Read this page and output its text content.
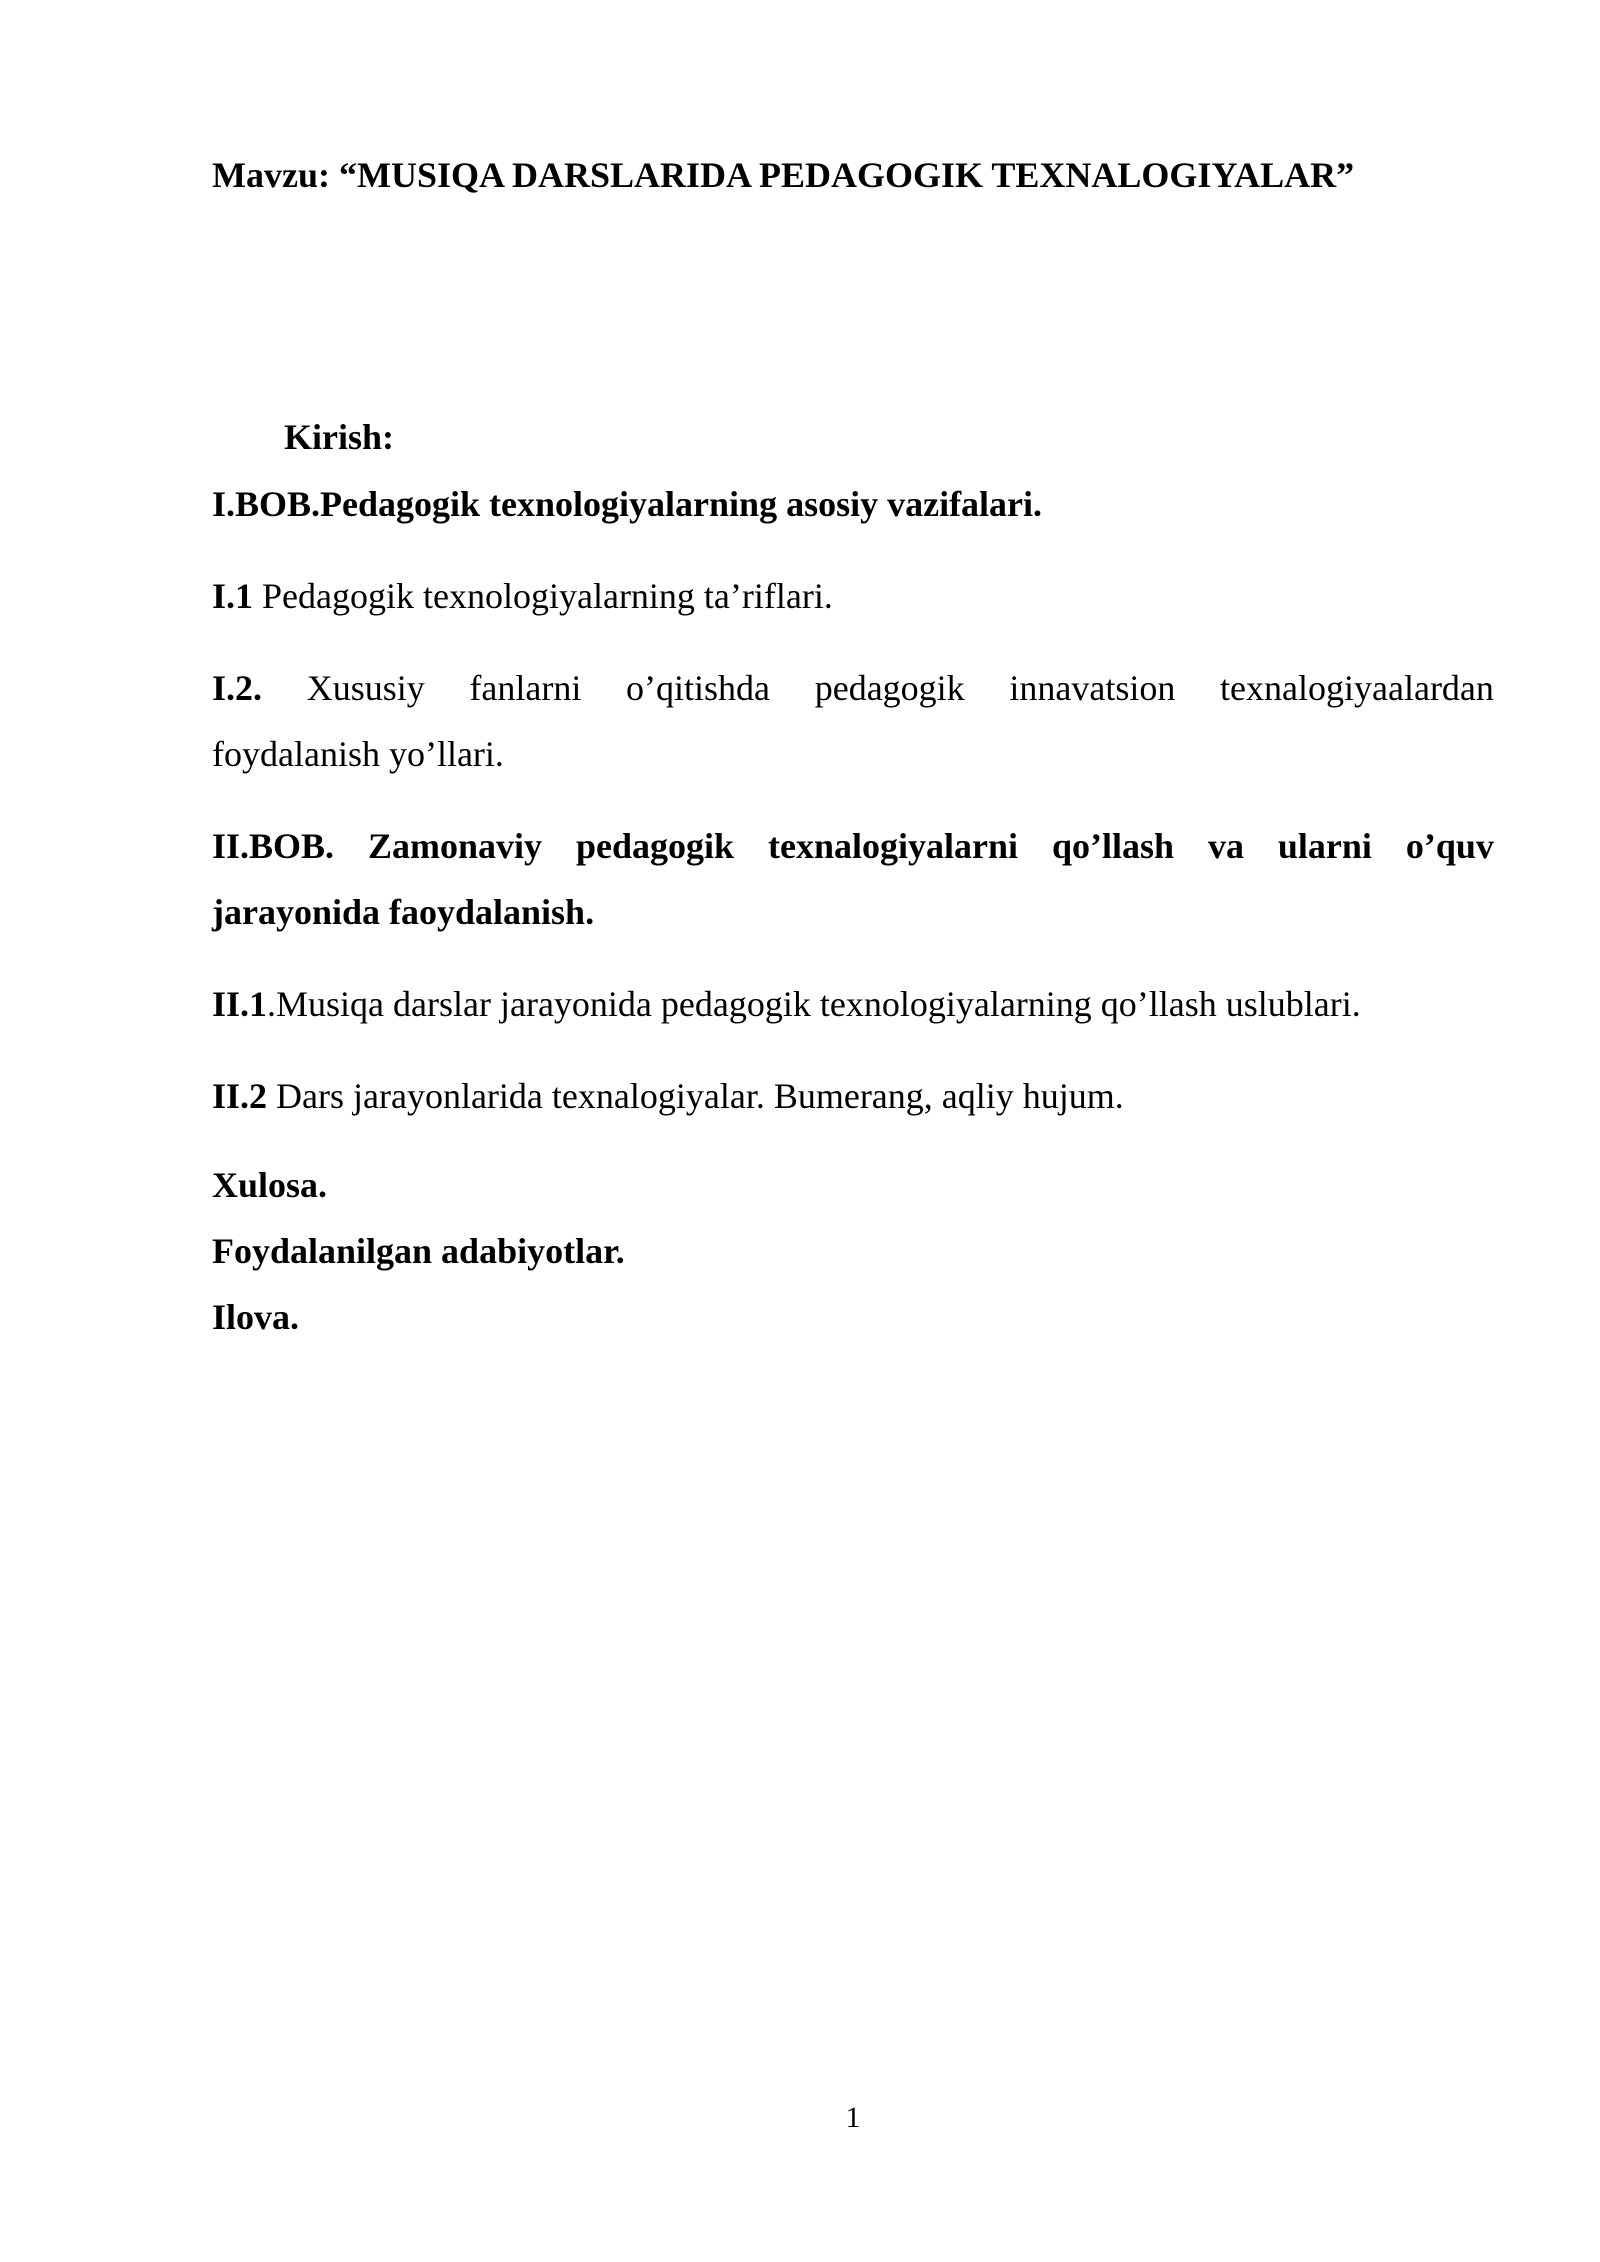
Mavzu: “MUSIQA DARSLARIDA PEDAGOGIK TEXNALOGIYALAR”

Kirish:

I.BOB.Pedagogik texnologiyalarning asosiy vazifalari.

I.1 Pedagogik texnologiyalarning ta’riflari.

I.2. Xususiy fanlarni o’qitishda pedagogik innavatsion texnalogiyaalardan

foydalanish yo’llari.

II.BOB. Zamonaviy pedagogik texnalogiyalarni qo’llash va ularni o’quv

jarayonida faoydalanish.

II.1.Musiqa darslar jarayonida pedagogik texnologiyalarning qo’llash uslublari.

II.2 Dars jarayonlarida texnalogiyalar. Bumerang, aqliy hujum.

Xulosa.

Foydalanilgan adabiyotlar.

Ilova.

1
